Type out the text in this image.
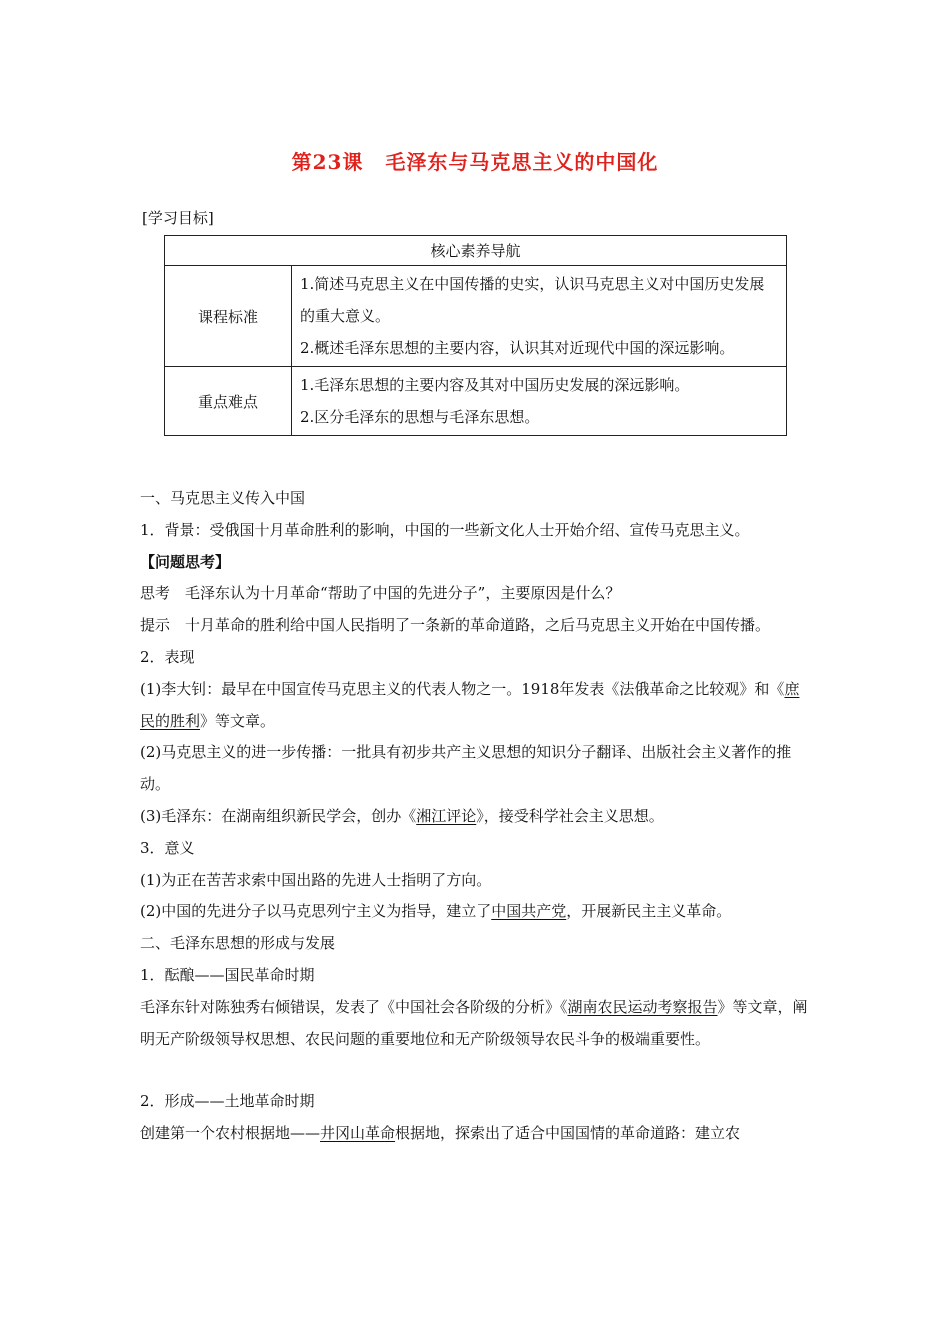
第23课 毛泽东与马克思主义的中国化
[学习目标]
核心素养导航	
课程标准	1.简述马克思主义在中国传播的史实，认识马克思主义对中国历史发展的重大意义。
2.概述毛泽东思想的主要内容，认识其对近现代中国的深远影响。

重点难点	1.毛泽东思想的主要内容及其对中国历史发展的深远影响。
2.区分毛泽东的思想与毛泽东思想。

一、马克思主义传入中国

1．背景：受俄国十月革命胜利的影响，中国的一些新文化人士开始介绍、宣传马克思主义。

【问题思考】

思考　毛泽东认为十月革命“帮助了中国的先进分子”，主要原因是什么？

提示　十月革命的胜利给中国人民指明了一条新的革命道路，之后马克思主义开始在中国传播。

2．表现

(1)李大钊：最早在中国宣传马克思主义的代表人物之一。1918年发表《法俄革命之比较观》和《庶民的胜利》等文章。

(2)马克思主义的进一步传播：一批具有初步共产主义思想的知识分子翻译、出版社会主义著作的推动。

(3)毛泽东：在湖南组织新民学会，创办《湘江评论》，接受科学社会主义思想。

3．意义

(1)为正在苦苦求索中国出路的先进人士指明了方向。

(2)中国的先进分子以马克思列宁主义为指导，建立了中国共产党，开展新民主主义革命。

二、毛泽东思想的形成与发展

1．酝酿——国民革命时期

毛泽东针对陈独秀右倾错误，发表了《中国社会各阶级的分析》《湖南农民运动考察报告》等文章，阐明无产阶级领导权思想、农民问题的重要地位和无产阶级领导农民斗争的极端重要性。

2．形成——土地革命时期

创建第一个农村根据地——井冈山革命根据地，探索出了适合中国国情的革命道路：建立农
